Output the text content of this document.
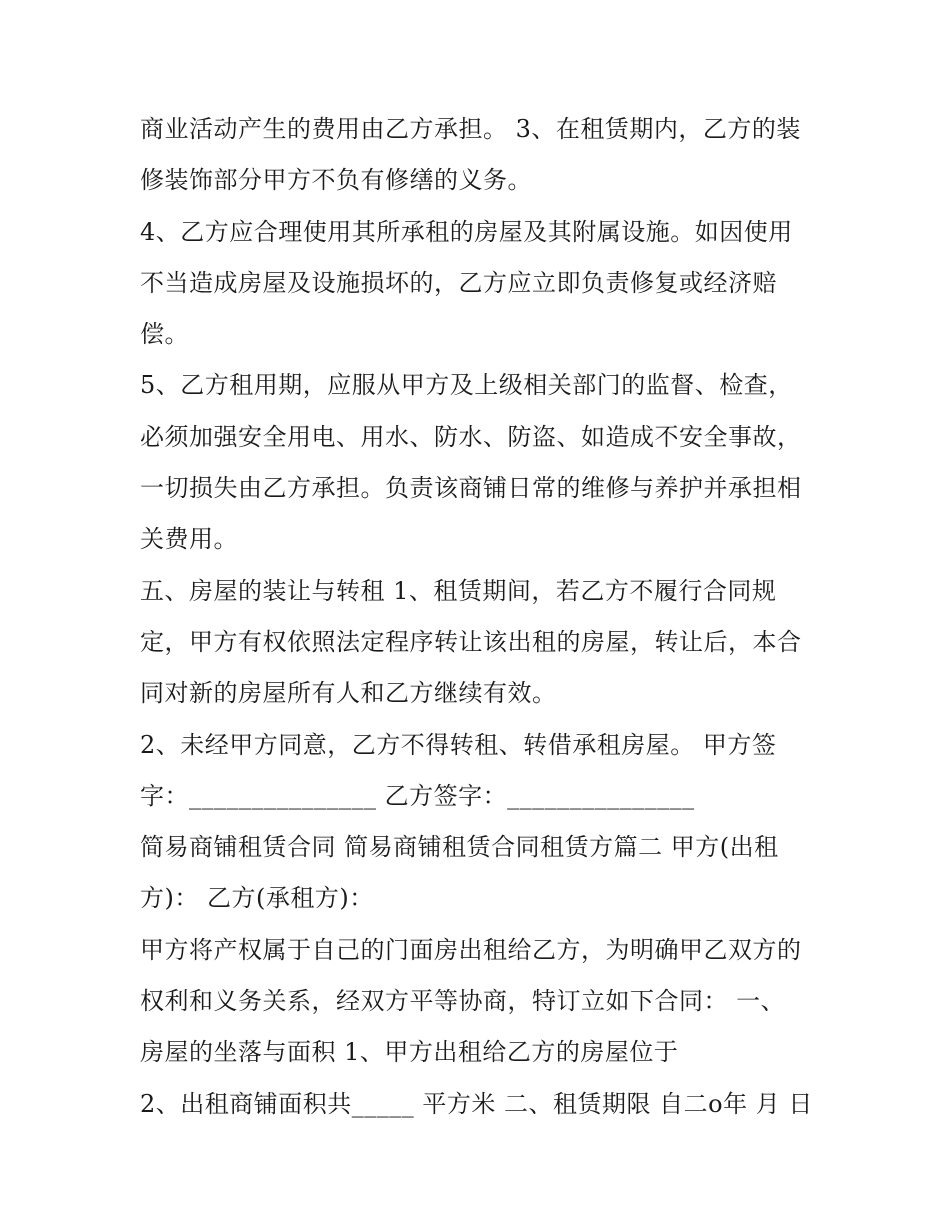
商业活动产生的费用由乙方承担。 3、在租赁期内，乙方的装
修装饰部分甲方不负有修缮的义务。
4、乙方应合理使用其所承租的房屋及其附属设施。如因使用
不当造成房屋及设施损坏的，乙方应立即负责修复或经济赔
偿。
5、乙方租用期，应服从甲方及上级相关部门的监督、检查，
必须加强安全用电、用水、防水、防盗、如造成不安全事故，
一切损失由乙方承担。负责该商铺日常的维修与养护并承担相
关费用。
五、房屋的装让与转租 1、租赁期间，若乙方不履行合同规
定，甲方有权依照法定程序转让该出租的房屋，转让后，本合
同对新的房屋所有人和乙方继续有效。
2、未经甲方同意，乙方不得转租、转借承租房屋。 甲方签
字：_______________ 乙方签字：_______________
简易商铺租赁合同 简易商铺租赁合同租赁方篇二 甲方(出租
方)： 乙方(承租方)：
甲方将产权属于自己的门面房出租给乙方，为明确甲乙双方的
权利和义务关系，经双方平等协商，特订立如下合同： 一、
房屋的坐落与面积 1、甲方出租给乙方的房屋位于
2、出租商铺面积共_____ 平方米 二、租赁期限 自二o年 月 日
